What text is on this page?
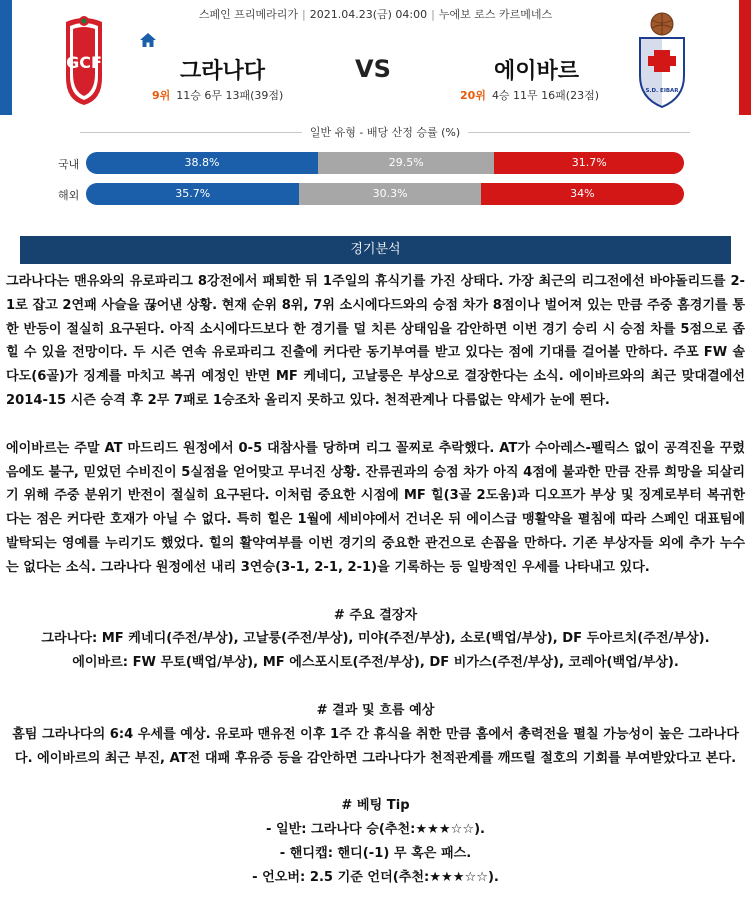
스페인 프리메라리가 | 2021.04.23(금) 04:00 | 누에보 로스 카르메네스
GCF	그라나다	VS	에이바르
9위 11승 6무 13패(39점)	20위 4승 11무 16패(23점)	S.D. EIBAR
일반 유형 - 배당 산정 승률 (%)
국내	38.8%	29.5%	31.7%
해외	35.7%	30.3%	34%
경기분석

그라나다는 맨유와의 유로파리그 8강전에서 패퇴한 뒤 1주일의 휴식기를 가진 상태다. 가장 최근의 리그전에선 바야돌리드를 2-1로 잡고 2연패 사슬을 끊어낸 상황. 현재 순위 8위, 7위 소시에다드와의 승점 차가 8점이나 벌어져 있는 만큼 주중 홈경기를 통한 반등이 절실히 요구된다. 아직 소시에다드보다 한 경기를 덜 치른 상태임을 감안하면 이번 경기 승리 시 승점 차를 5점으로 좁힐 수 있을 전망이다. 두 시즌 연속 유로파리그 진출에 커다란 동기부여를 받고 있다는 점에 기대를 걸어볼 만하다. 주포 FW 솔다도(6골)가 징계를 마치고 복귀 예정인 반면 MF 케네디, 고날룽은 부상으로 결장한다는 소식. 에이바르와의 최근 맞대결에선 2014-15 시즌 승격 후 2무 7패로 1승조차 올리지 못하고 있다. 천적관계나 다름없는 약세가 눈에 띈다.

에이바르는 주말 AT 마드리드 원정에서 0-5 대참사를 당하며 리그 꼴찌로 추락했다. AT가 수아레스-펠릭스 없이 공격진을 꾸렸음에도 불구, 믿었던 수비진이 5실점을 얻어맞고 무너진 상황. 잔류권과의 승점 차가 아직 4점에 불과한 만큼 잔류 희망을 되살리기 위해 주중 분위기 반전이 절실히 요구된다. 이처럼 중요한 시점에 MF 힐(3골 2도움)과 디오프가 부상 및 징계로부터 복귀한다는 점은 커다란 호재가 아닐 수 없다. 특히 힐은 1월에 세비야에서 건너온 뒤 에이스급 맹활약을 펼침에 따라 스페인 대표팀에 발탁되는 영예를 누리기도 했었다. 힐의 활약여부를 이번 경기의 중요한 관건으로 손꼽을 만하다. 기존 부상자들 외에 추가 누수는 없다는 소식. 그라나다 원정에선 내리 3연승(3-1, 2-1, 2-1)을 기록하는 등 일방적인 우세를 나타내고 있다.

# 주요 결장자

그라나다: MF 케네디(주전/부상), 고날룽(주전/부상), 미야(주전/부상), 소로(백업/부상), DF 두아르치(주전/부상).

에이바르: FW 무토(백업/부상), MF 에스포시토(주전/부상), DF 비가스(주전/부상), 코레아(백업/부상).

# 결과 및 흐름 예상

홈팀 그라나다의 6:4 우세를 예상. 유로파 맨유전 이후 1주 간 휴식을 취한 만큼 홈에서 총력전을 펼칠 가능성이 높은 그라나다다. 에이바르의 최근 부진, AT전 대패 후유증 등을 감안하면 그라나다가 천적관계를 깨뜨릴 절호의 기회를 부여받았다고 본다.

# 베팅 Tip

- 일반: 그라나다 승(추천:★★★☆☆).

- 핸디캡: 핸디(-1) 무 혹은 패스.

- 언오버: 2.5 기준 언더(추천:★★★☆☆).
